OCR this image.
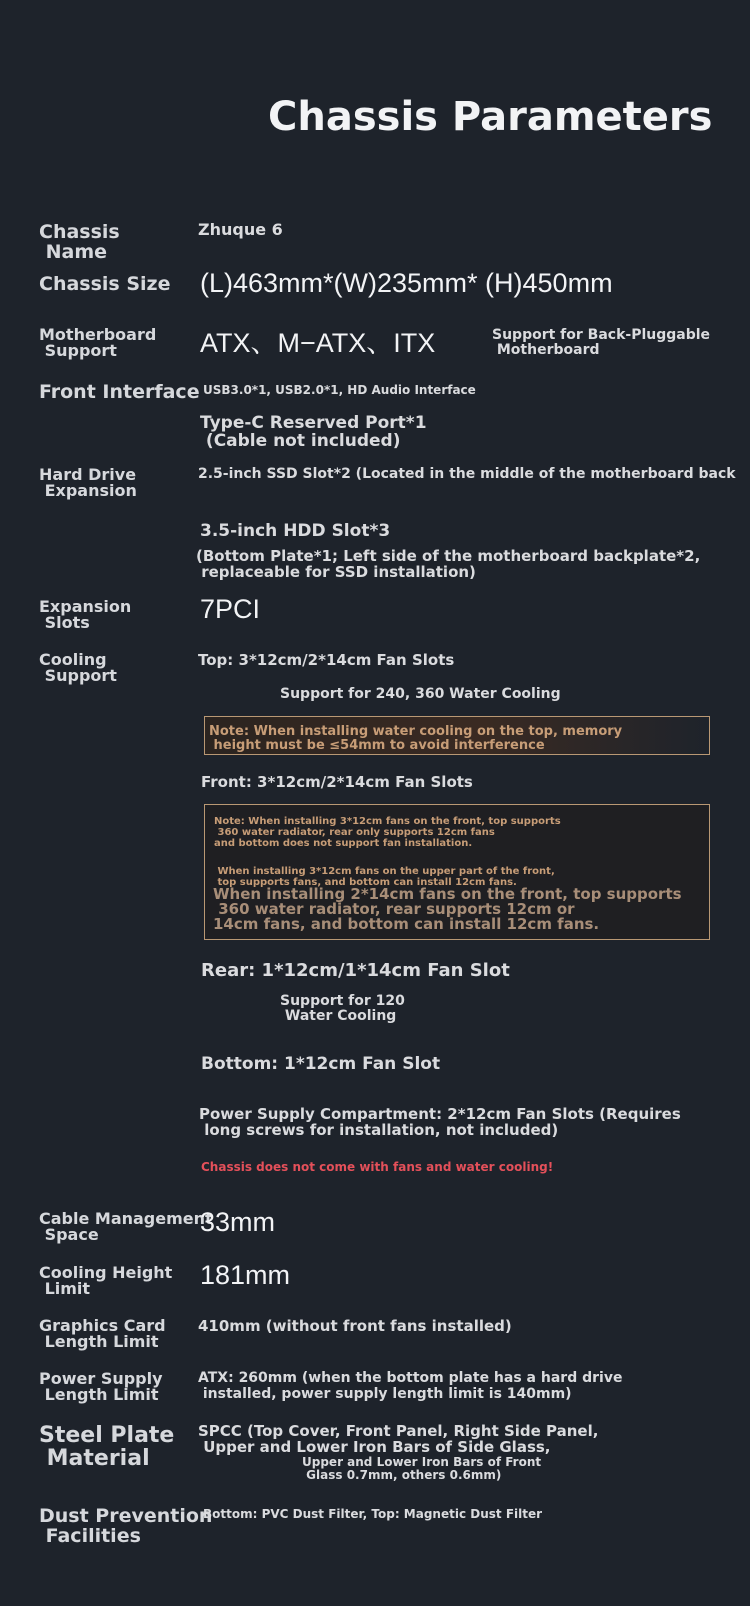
Chassis Parameters
Chassis
Name
Chassis Size
Motherboard
Support
Front Interface
Hard Drive
Expansion
Expansion
Slots
Cooling
Support
Cable Management
Space
Cooling Height
Limit
Graphics Card
Length Limit
Power Supply
Length Limit
Steel Plate
Material
Dust Prevention
Facilities
Zhuque 6
(L)463mm*(W)235mm* (H)450mm
ATX、M−ATX、ITX	Support for Back-Pluggable
Motherboard
USB3.0*1, USB2.0*1, HD Audio Interface
Type-C Reserved Port*1
(Cable not included)
2.5-inch SSD Slot*2 (Located in the middle of the motherboard back
3.5-inch HDD Slot*3
(Bottom Plate*1; Left side of the motherboard backplate*2,
replaceable for SSD installation)
7PCI
Top: 3*12cm/2*14cm Fan Slots
Support for 240, 360 Water Cooling
Note: When installing water cooling on the top, memory
height must be ≤54mm to avoid interference
Front: 3*12cm/2*14cm Fan Slots
Note: When installing 3*12cm fans on the front, top supports
360 water radiator, rear only supports 12cm fans
and bottom does not support fan installation.
When installing 3*12cm fans on the upper part of the front,
top supports fans, and bottom can install 12cm fans.
When installing 2*14cm fans on the front, top supports
360 water radiator, rear supports 12cm or
14cm fans, and bottom can install 12cm fans.
Rear: 1*12cm/1*14cm Fan Slot
Support for 120
Water Cooling
Bottom: 1*12cm Fan Slot
Power Supply Compartment: 2*12cm Fan Slots (Requires
long screws for installation, not included)
Chassis does not come with fans and water cooling!
33mm
181mm
410mm (without front fans installed)
ATX: 260mm (when the bottom plate has a hard drive
installed, power supply length limit is 140mm)
SPCC (Top Cover, Front Panel, Right Side Panel,
Upper and Lower Iron Bars of Side Glass,
Upper and Lower Iron Bars of Front
Glass 0.7mm, others 0.6mm)
Bottom: PVC Dust Filter, Top: Magnetic Dust Filter
